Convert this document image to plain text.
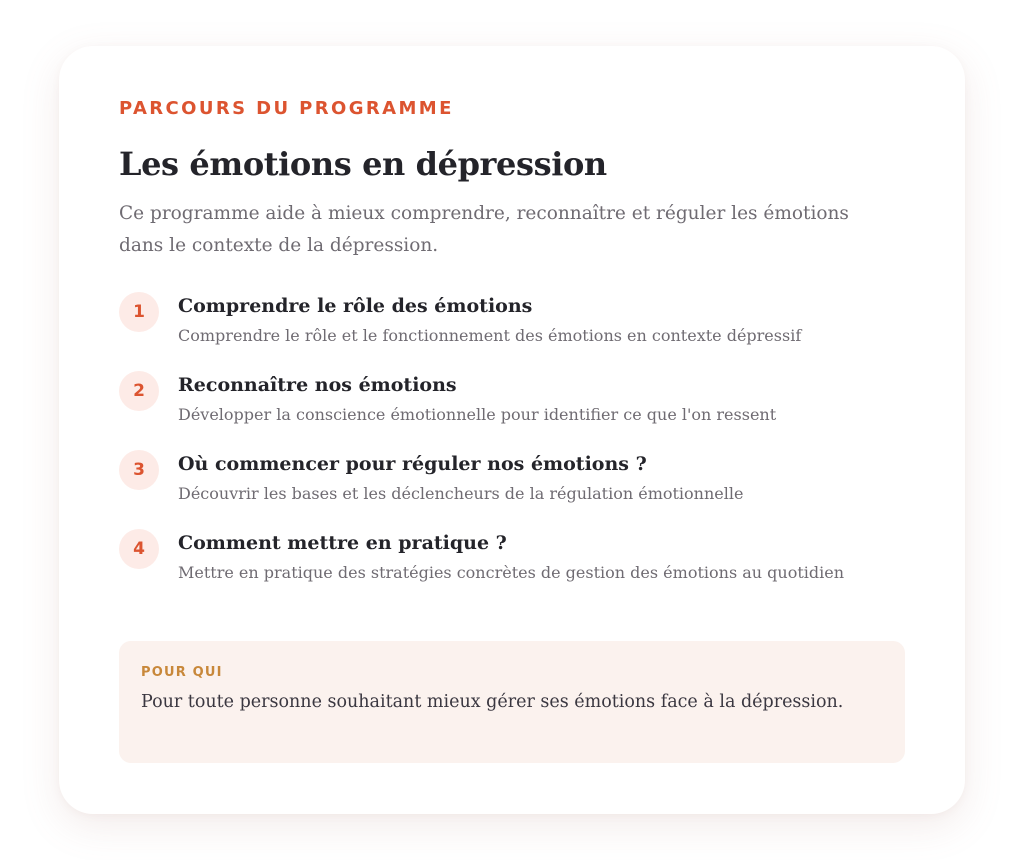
PARCOURS DU PROGRAMME

Les émotions en dépression

Ce programme aide à mieux comprendre, reconnaître et réguler les émotions dans le contexte de la dépression.

1	Comprendre le rôle des émotions
Comprendre le rôle et le fonctionnement des émotions en contexte dépressif
2	Reconnaître nos émotions
Développer la conscience émotionnelle pour identifier ce que l'on ressent
3	Où commencer pour réguler nos émotions ?
Découvrir les bases et les déclencheurs de la régulation émotionnelle
4	Comment mettre en pratique ?
Mettre en pratique des stratégies concrètes de gestion des émotions au quotidien
POUR QUI
Pour toute personne souhaitant mieux gérer ses émotions face à la dépression.
